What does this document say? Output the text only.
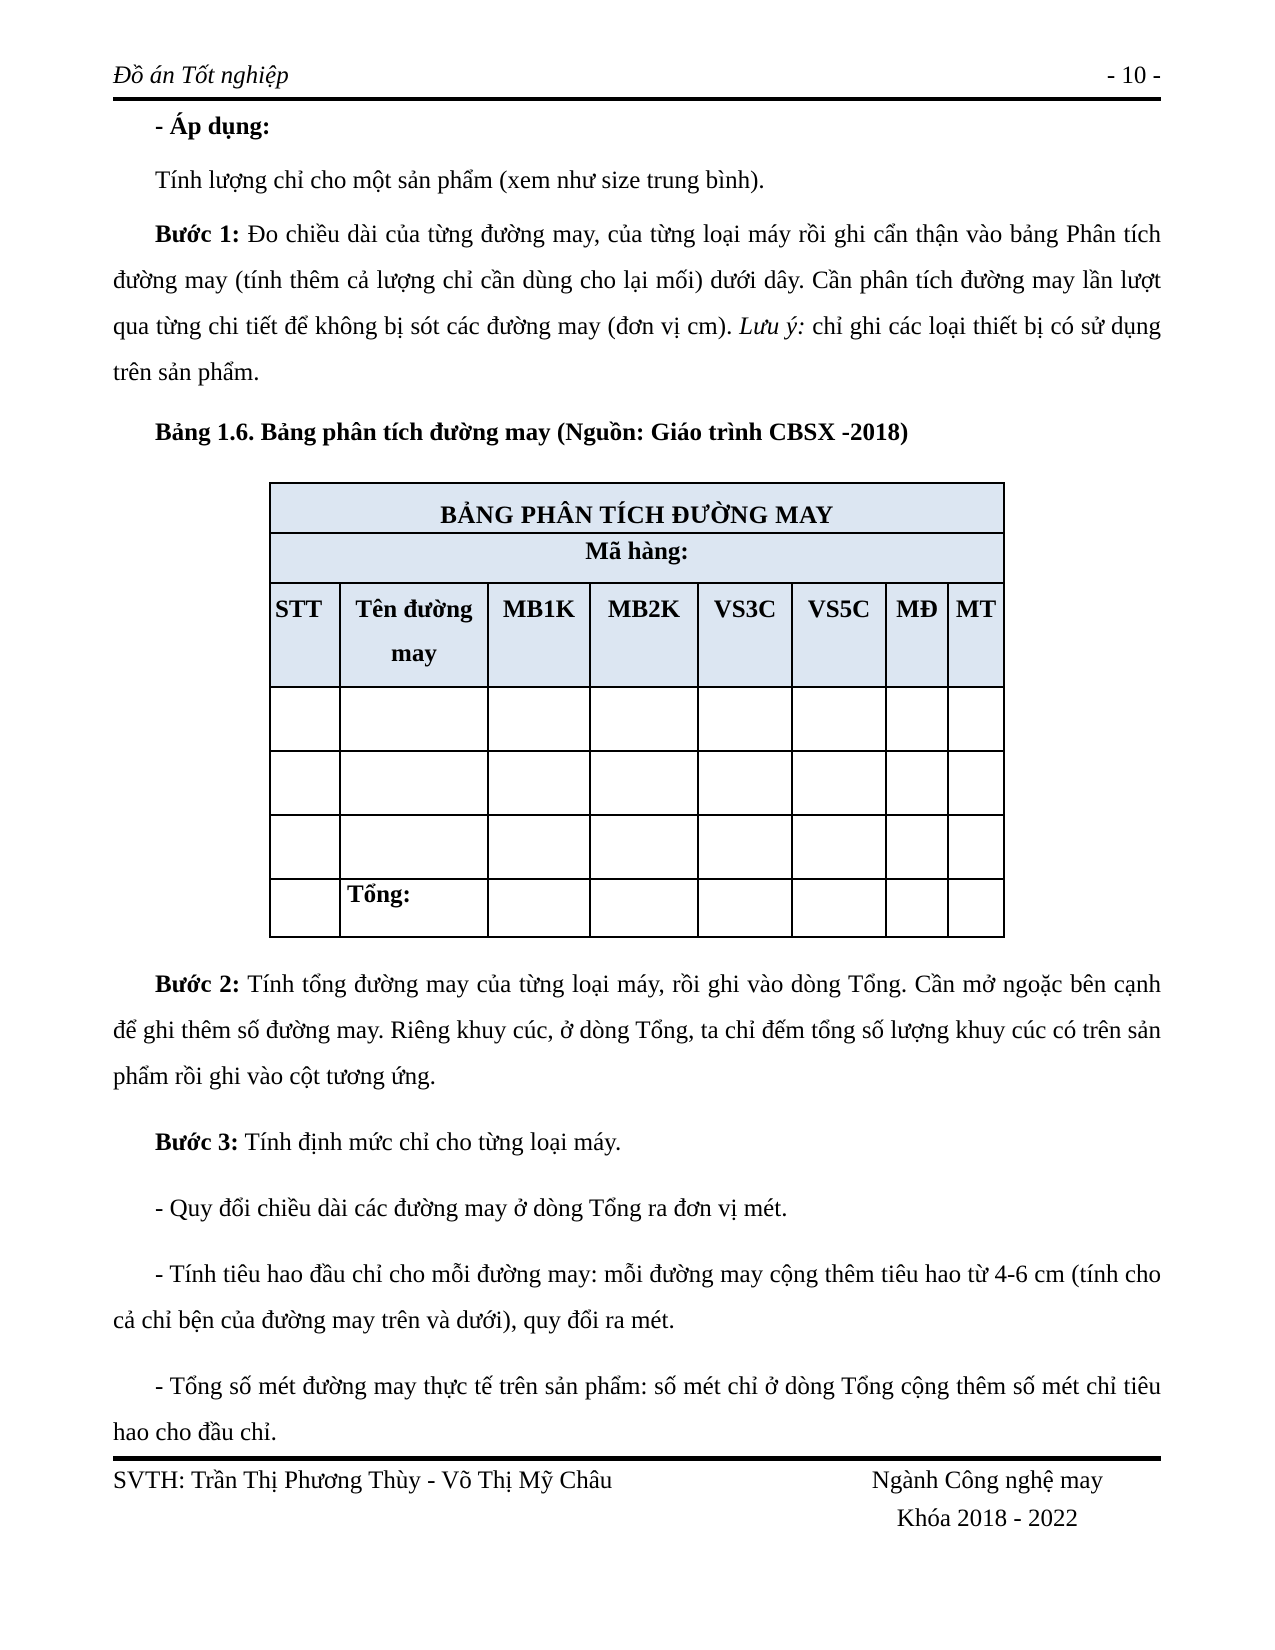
Đồ án Tốt nghiệp	- 10 -

- Áp dụng:

Tính lượng chỉ cho một sản phẩm (xem như size trung bình).

Bước 1: Đo chiều dài của từng đường may, của từng loại máy rồi ghi cẩn thận vào bảng Phân tích đường may (tính thêm cả lượng chỉ cần dùng cho lại mối) dưới dây. Cần phân tích đường may lần lượt qua từng chi tiết để không bị sót các đường may (đơn vị cm). Lưu ý: chỉ ghi các loại thiết bị có sử dụng trên sản phẩm.

Bảng 1.6. Bảng phân tích đường may (Nguồn: Giáo trình CBSX -2018)

BẢNG PHÂN TÍCH ĐƯỜNG MAY							
Mã hàng:							
STT	Tên đường may	MB1K	MB2K	VS3C	VS5C	MĐ	MT

	Tổng:						

Bước 2: Tính tổng đường may của từng loại máy, rồi ghi vào dòng Tổng. Cần mở ngoặc bên cạnh để ghi thêm số đường may. Riêng khuy cúc, ở dòng Tổng, ta chỉ đếm tổng số lượng khuy cúc có trên sản phẩm rồi ghi vào cột tương ứng.

Bước 3: Tính định mức chỉ cho từng loại máy.

- Quy đổi chiều dài các đường may ở dòng Tổng ra đơn vị mét.

- Tính tiêu hao đầu chỉ cho mỗi đường may: mỗi đường may cộng thêm tiêu hao từ 4-6 cm (tính cho cả chỉ bện của đường may trên và dưới), quy đổi ra mét.

- Tổng số mét đường may thực tế trên sản phẩm: số mét chỉ ở dòng Tổng cộng thêm số mét chỉ tiêu hao cho đầu chỉ.

SVTH: Trần Thị Phương Thùy - Võ Thị Mỹ Châu	Ngành Công nghệ may
Khóa 2018 - 2022
